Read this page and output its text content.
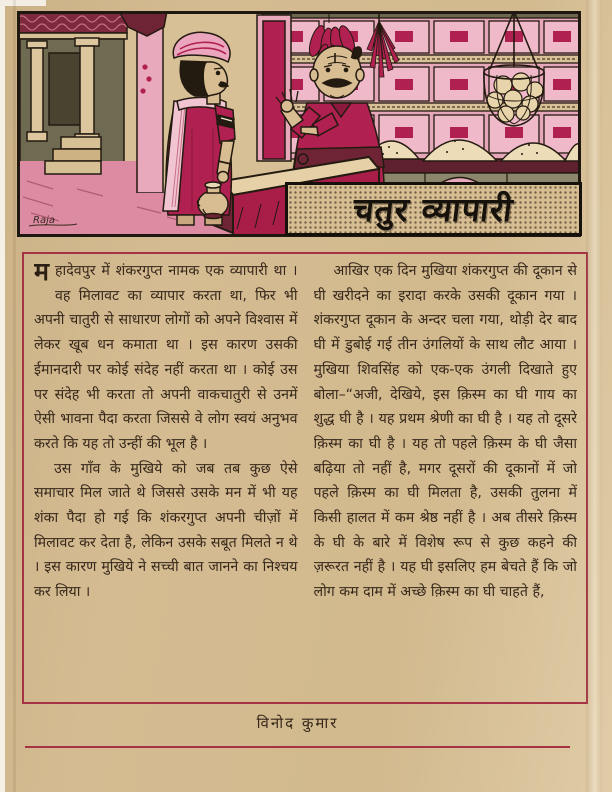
Raja	चतुर व्यापारी

महादेवपुर में शंकरगुप्त नामक एक व्यापारी था । वह मिलावट का व्यापार करता था, फिर भी अपनी चातुरी से साधारण लोगों को अपने विश्वास में लेकर खूब धन कमाता था । इस कारण उसकी ईमानदारी पर कोई संदेह नहीं करता था । कोई उस पर संदेह भी करता तो अपनी वाकचातुरी से उनमें ऐसी भावना पैदा करता जिससे वे लोग स्वयं अनुभव करते कि यह तो उन्हीं की भूल है ।

उस गाँव के मुखिये को जब तब कुछ ऐसे समाचार मिल जाते थे जिससे उसके मन में भी यह शंका पैदा हो गई कि शंकरगुप्त अपनी चीज़ों में मिलावट कर देता है, लेकिन उसके सबूत मिलते न थे । इस कारण मुखिये ने सच्ची बात जानने का निश्चय कर लिया ।

आखिर एक दिन मुखिया शंकरगुप्त की दूकान से घी खरीदने का इरादा करके उसकी दूकान गया । शंकरगुप्त दूकान के अन्दर चला गया, थोड़ी देर बाद घी में डुबोई गई तीन उंगलियों के साथ लौट आया । मुखिया शिवसिंह को एक-एक उंगली दिखाते हुए बोला–“अजी, देखिये, इस क़िस्म का घी गाय का शुद्ध घी है । यह प्रथम श्रेणी का घी है । यह तो दूसरे क़िस्म का घी है । यह तो पहले क़िस्म के घी जैसा बढ़िया तो नहीं है, मगर दूसरों की दूकानों में जो पहले क़िस्म का घी मिलता है, उसकी तुलना में किसी हालत में कम श्रेष्ठ नहीं है । अब तीसरे क़िस्म के घी के बारे में विशेष रूप से कुछ कहने की ज़रूरत नहीं है । यह घी इसलिए हम बेचते हैं कि जो लोग कम दाम में अच्छे क़िस्म का घी चाहते हैं,

विनोद कुमार
